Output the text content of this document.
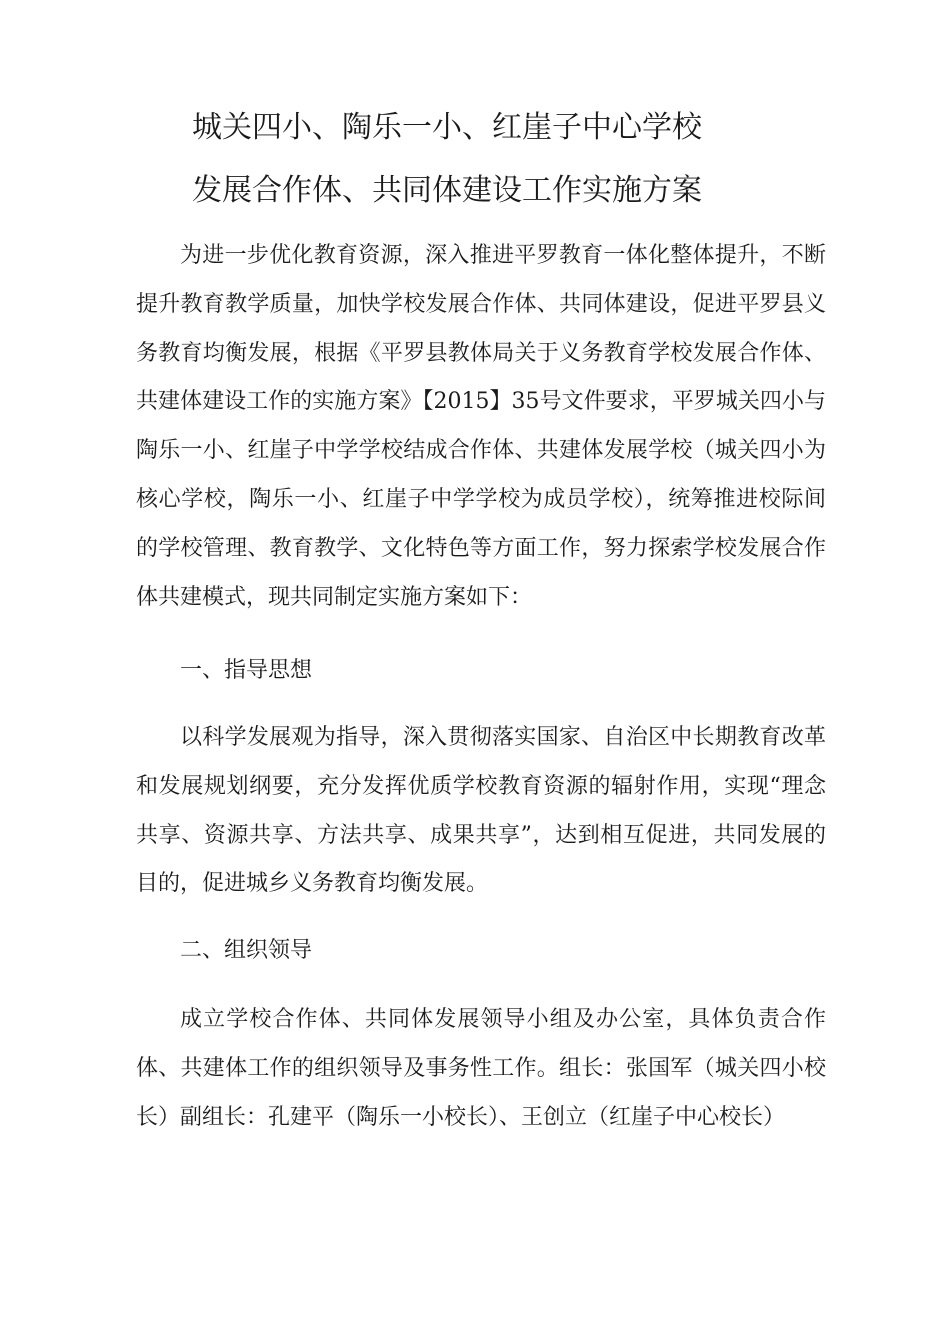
城关四小、陶乐一小、红崖子中心学校
发展合作体、共同体建设工作实施方案

为进一步优化教育资源，深入推进平罗教育一体化整体提升，不断提升教育教学质量，加快学校发展合作体、共同体建设，促进平罗县义务教育均衡发展，根据《平罗县教体局关于义务教育学校发展合作体、共建体建设工作的实施方案》【2015】35号文件要求，平罗城关四小与陶乐一小、红崖子中学学校结成合作体、共建体发展学校（城关四小为核心学校，陶乐一小、红崖子中学学校为成员学校），统筹推进校际间的学校管理、教育教学、文化特色等方面工作，努力探索学校发展合作体共建模式，现共同制定实施方案如下：

一、指导思想

以科学发展观为指导，深入贯彻落实国家、自治区中长期教育改革和发展规划纲要，充分发挥优质学校教育资源的辐射作用，实现“理念共享、资源共享、方法共享、成果共享”，达到相互促进，共同发展的目的，促进城乡义务教育均衡发展。

二、组织领导

成立学校合作体、共同体发展领导小组及办公室，具体负责合作体、共建体工作的组织领导及事务性工作。组长：张国军（城关四小校长）副组长：孔建平（陶乐一小校长）、王创立（红崖子中心校长）
